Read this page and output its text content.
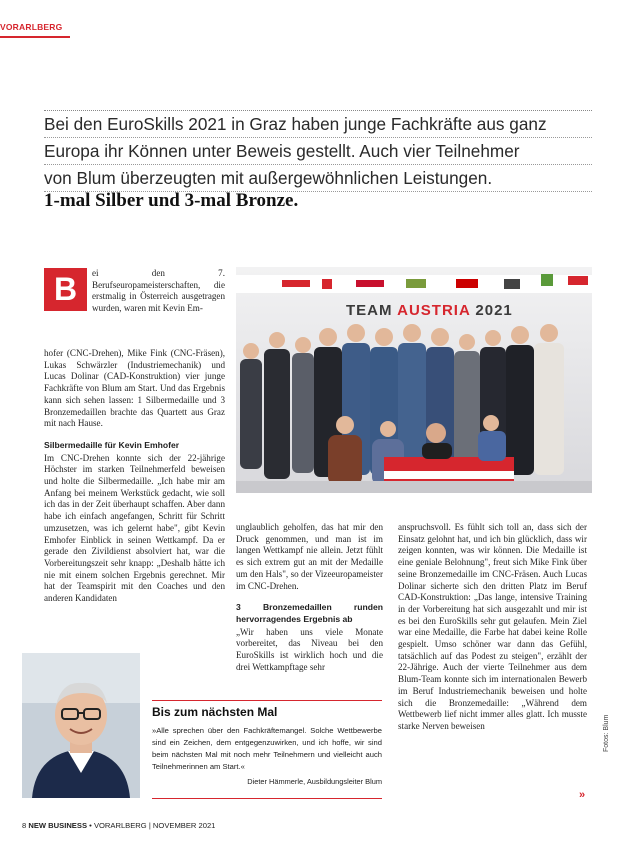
VORARLBERG
Bei den EuroSkills 2021 in Graz haben junge Fachkräfte aus ganz
Europa ihr Können unter Beweis gestellt. Auch vier Teilnehmer
von Blum überzeugten mit außergewöhnlichen Leistungen.
1-mal Silber und 3-mal Bronze.
B	ei den 7. Berufseuropameisterschaften, die erstmalig in Österreich ausgetragen wurden, waren mit Kevin Em-

hofer (CNC-Drehen), Mike Fink (CNC-Fräsen), Lukas Schwärzler (Industriemechanik) und Lucas Dolinar (CAD-Konstruktion) vier junge Fachkräfte von Blum am Start. Und das Ergebnis kann sich sehen lassen: 1 Silbermedaille und 3 Bronzemedaillen brachte das Quartett aus Graz mit nach Hause.

Silbermedaille für Kevin Emhofer

Im CNC-Drehen konnte sich der 22-jährige Höchster im starken Teilnehmerfeld beweisen und holte die Silbermedaille. „Ich habe mir am Anfang bei meinem Werkstück gedacht, wie soll ich das in der Zeit überhaupt schaffen. Aber dann habe ich einfach angefangen, Schritt für Schritt umzusetzen, was ich gelernt habe", gibt Kevin Emhofer Einblick in seinen Wettkampf. Da er gerade den Zivildienst absolviert hat, war die Vorbereitungszeit sehr knapp: „Deshalb hätte ich nie mit einem solchen Ergebnis gerechnet. Mir hat der Teamspirit mit den Coaches und den anderen Kandidaten

TEAM AUSTRIA 2021

unglaublich geholfen, das hat mir den Druck genommen, und man ist im langen Wettkampf nie allein. Jetzt fühlt es sich extrem gut an mit der Medaille um den Hals", so der Vizeeuropameister im CNC-Drehen.

3 Bronzemedaillen runden hervorragendes Ergebnis ab

„Wir haben uns viele Monate vorbereitet, das Niveau bei den EuroSkills ist wirklich hoch und die drei Wettkampftage sehr

anspruchsvoll. Es fühlt sich toll an, dass sich der Einsatz gelohnt hat, und ich bin glücklich, dass wir zeigen konnten, was wir können. Die Medaille ist eine geniale Belohnung", freut sich Mike Fink über seine Bronzemedaille im CNC-Fräsen. Auch Lucas Dolinar sicherte sich den dritten Platz im Beruf CAD-Konstruktion: „Das lange, intensive Training in der Vorbereitung hat sich ausgezahlt und mir ist es bei den EuroSkills sehr gut gelaufen. Mein Ziel war eine Medaille, die Farbe hat dabei keine Rolle gespielt. Umso schöner war dann das Gefühl, tatsächlich auf das Podest zu steigen", erzählt der 22-Jährige. Auch der vierte Teilnehmer aus dem Blum-Team konnte sich im internationalen Bewerb im Beruf Industriemechanik beweisen und holte sich die Bronzemedaille: „Während dem Wettbewerb lief nicht immer alles glatt. Ich musste starke Nerven beweisen

Bis zum nächsten Mal
»Alle sprechen über den Fachkräftemangel. Solche Wettbewerbe sind ein Zeichen, dem entgegenzuwirken, und ich hoffe, wir sind beim nächsten Mal mit noch mehr Teilnehmern und vielleicht auch Teilnehmerinnen am Start.«
Dieter Hämmerle, Ausbildungsleiter Blum
Fotos: Blum
»
8 NEW BUSINESS • VORARLBERG | NOVEMBER 2021
